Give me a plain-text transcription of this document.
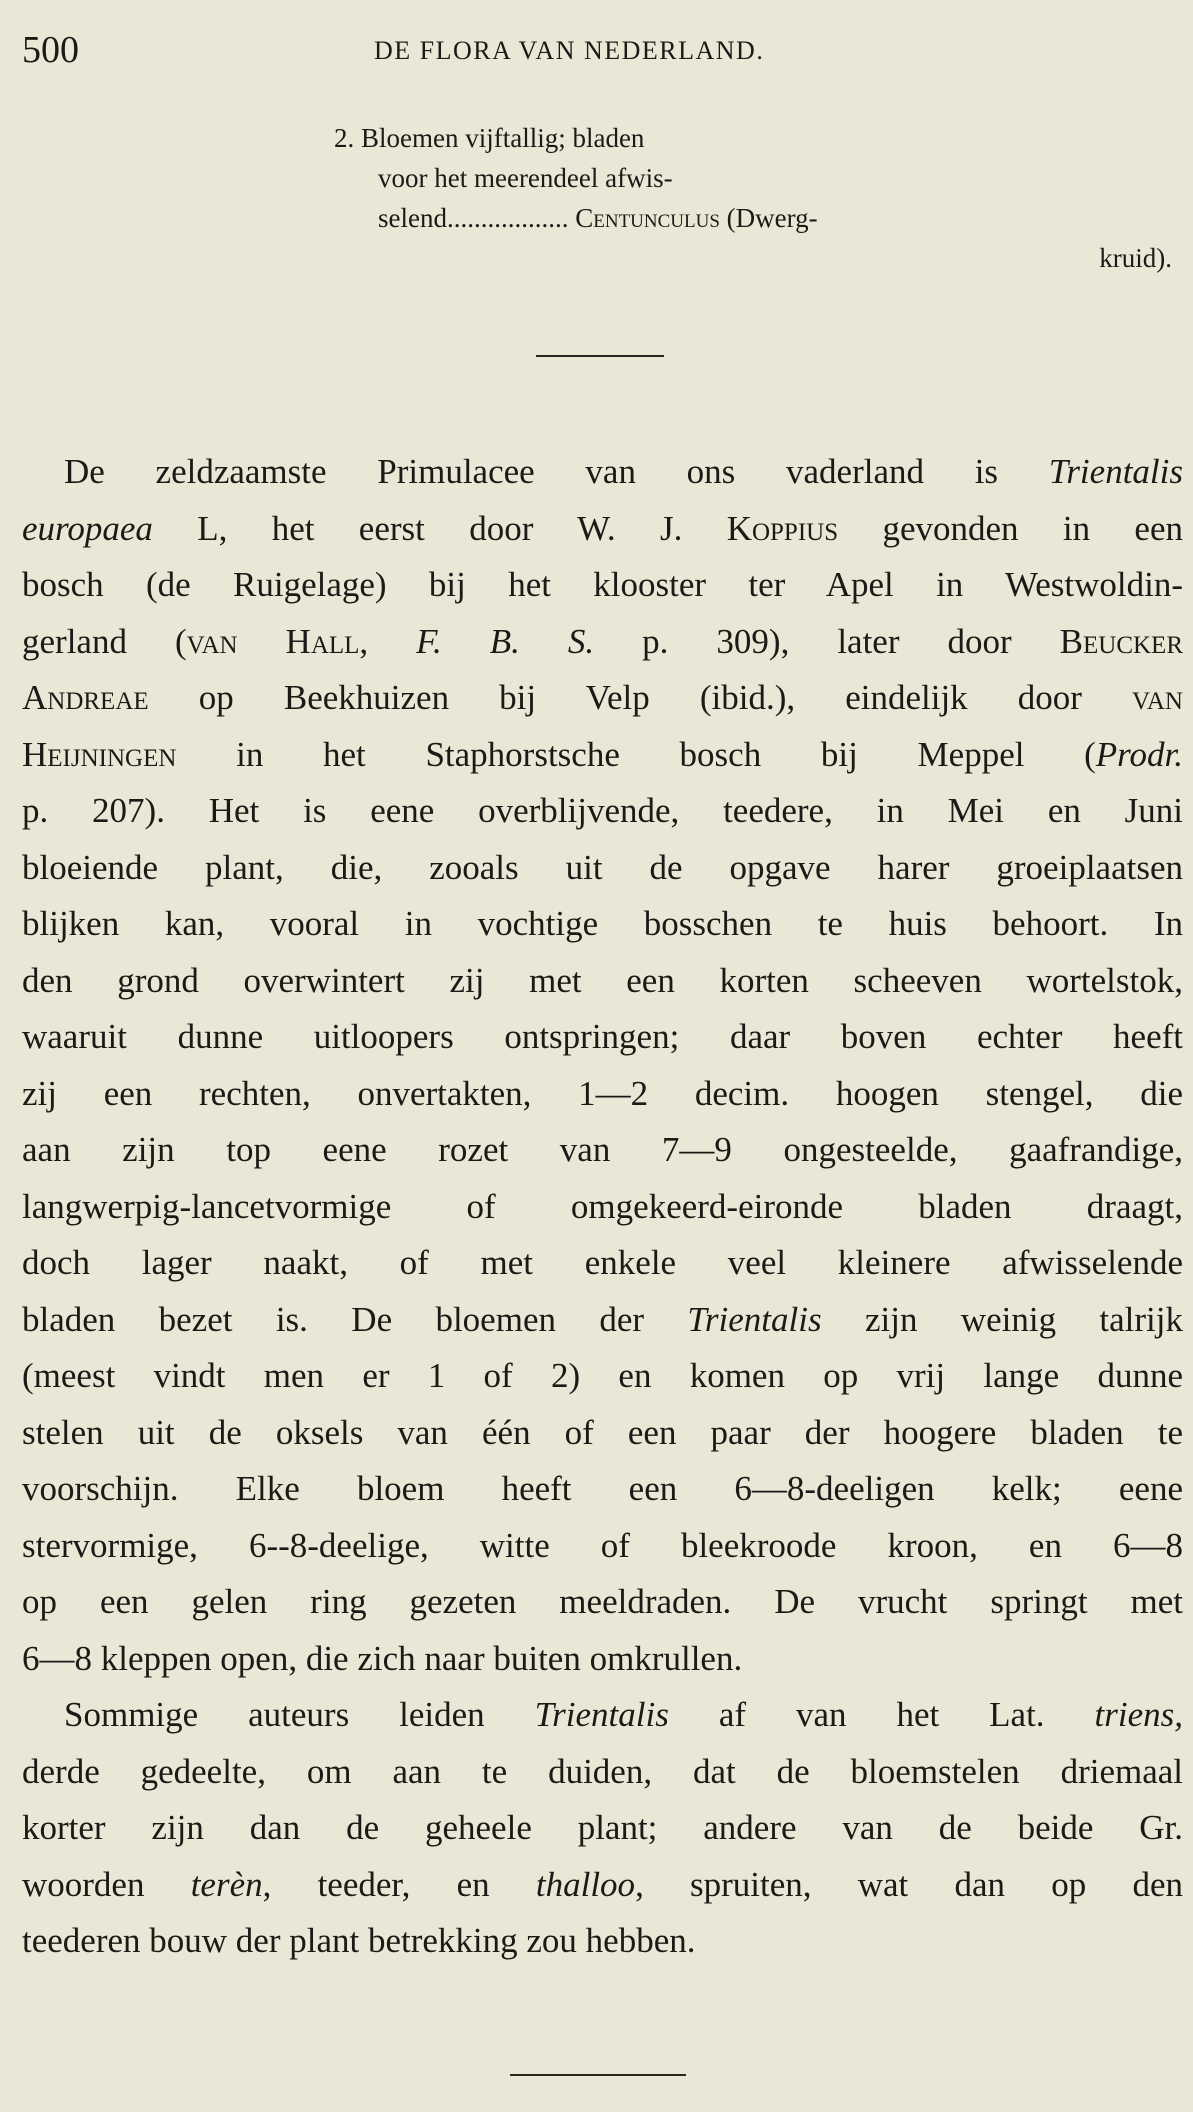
500	DE FLORA VAN NEDERLAND.
2. Bloemen vijftallig; bladen
voor het meerendeel afwis-
selend.................. Centunculus (Dwerg-
kruid).

De zeldzaamste Primulacee van ons vaderland is Trientalis
europaea L, het eerst door W. J. Koppius gevonden in een
bosch (de Ruigelage) bij het klooster ter Apel in Westwoldin-
gerland (van Hall, F. B. S. p. 309), later door Beucker
Andreae op Beekhuizen bij Velp (ibid.), eindelijk door van
Heijningen in het Staphorstsche bosch bij Meppel (Prodr.
p. 207). Het is eene overblijvende, teedere, in Mei en Juni
bloeiende plant, die, zooals uit de opgave harer groeiplaatsen
blijken kan, vooral in vochtige bosschen te huis behoort. In
den grond overwintert zij met een korten scheeven wortelstok,
waaruit dunne uitloopers ontspringen; daar boven echter heeft
zij een rechten, onvertakten, 1—2 decim. hoogen stengel, die
aan zijn top eene rozet van 7—9 ongesteelde, gaafrandige,
langwerpig-lancetvormige of omgekeerd-eironde bladen draagt,
doch lager naakt, of met enkele veel kleinere afwisselende
bladen bezet is. De bloemen der Trientalis zijn weinig talrijk
(meest vindt men er 1 of 2) en komen op vrij lange dunne
stelen uit de oksels van één of een paar der hoogere bladen te
voorschijn. Elke bloem heeft een 6—8-deeligen kelk; eene
stervormige, 6--8-deelige, witte of bleekroode kroon, en 6—8
op een gelen ring gezeten meeldraden. De vrucht springt met
6—8 kleppen open, die zich naar buiten omkrullen.

Sommige auteurs leiden Trientalis af van het Lat. triens,
derde gedeelte, om aan te duiden, dat de bloemstelen driemaal
korter zijn dan de geheele plant; andere van de beide Gr.
woorden terèn, teeder, en thalloo, spruiten, wat dan op den
teederen bouw der plant betrekking zou hebben.
